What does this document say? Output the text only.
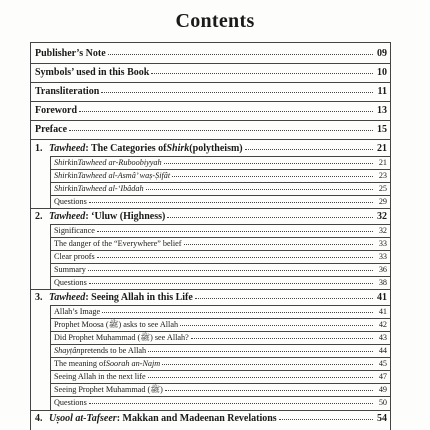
Contents
Publisher’s Note	09
Symbols’ used in this Book	10
Transliteration	11
Foreword	13
Preface	15
1. Tawheed : The Categories of Shirk (polytheism)	21
Shirk in Tawheed ar-Ruboobiyyah	21
Shirk in Tawheed al-Asmâ’ waṣ-Ṣifât	23
Shirk in Tawheed al-‘Ibâdah	25
Questions	29
2. Tawheed : ‘Uluw (Highness)	32
Significance	32
The danger of the “Everywhere” belief	33
Clear proofs	33
Summary	36
Questions	38
3. Tawheed : Seeing Allah in this Life	41
Allah’s Image	41
Prophet Moosa (ﷺ) asks to see Allah	42
Did Prophet Muhammad (ﷺ) see Allah?	43
Shayṭân pretends to be Allah	44
The meaning of Soorah an-Najm	45
Seeing Allah in the next life	47
Seeing Prophet Muhammad (ﷺ)	49
Questions	50
4. Uṣool at-Tafseer : Makkan and Madeenan Revelations	54
